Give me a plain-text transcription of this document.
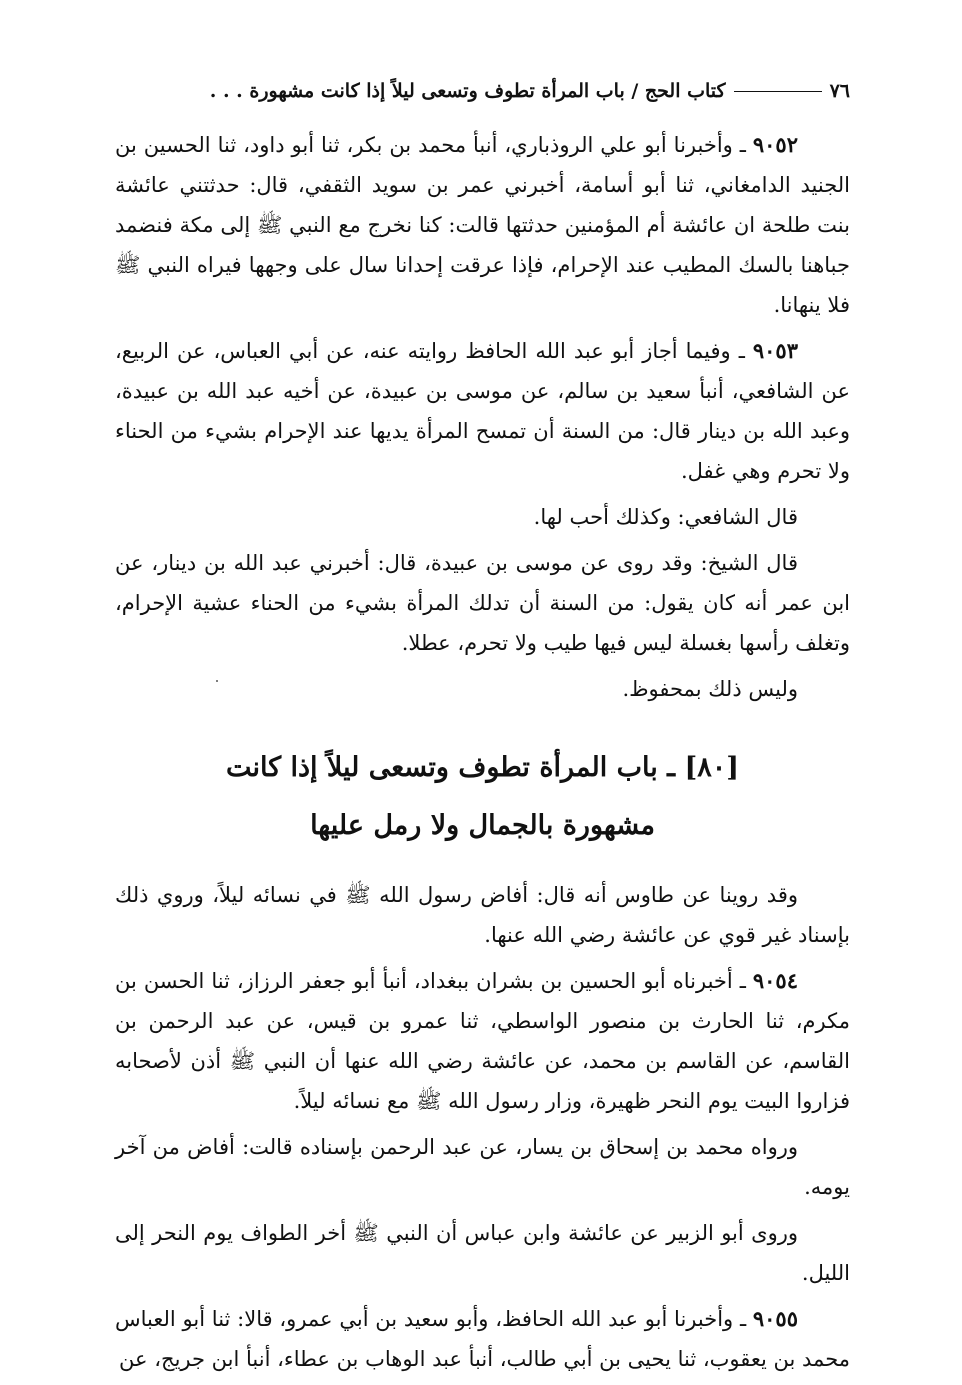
٧٦
كتاب الحج / باب المرأة تطوف وتسعى ليلاً إذا كانت مشهورة . . .

٩٠٥٢ ـ وأخبرنا أبو علي الروذباري، أنبأ محمد بن بكر، ثنا أبو داود، ثنا الحسين بن الجنيد الدامغاني، ثنا أبو أسامة، أخبرني عمر بن سويد الثقفي، قال: حدثتني عائشة بنت طلحة ان عائشة أم المؤمنين حدثتها قالت: كنا نخرج مع النبي ﷺ إلى مكة فنضمد جباهنا بالسك المطيب عند الإحرام، فإذا عرقت إحدانا سال على وجهها فيراه النبي ﷺ فلا ينهانا.

٩٠٥٣ ـ وفيما أجاز أبو عبد الله الحافظ روايته عنه، عن أبي العباس، عن الربيع، عن الشافعي، أنبأ سعيد بن سالم، عن موسى بن عبيدة، عن أخيه عبد الله بن عبيدة، وعبد الله بن دينار قال: من السنة أن تمسح المرأة يديها عند الإحرام بشيء من الحناء ولا تحرم وهي غفل.

قال الشافعي: وكذلك أحب لها.

قال الشيخ: وقد روى عن موسى بن عبيدة، قال: أخبرني عبد الله بن دينار، عن ابن عمر أنه كان يقول: من السنة أن تدلك المرأة بشيء من الحناء عشية الإحرام، وتغلف رأسها بغسلة ليس فيها طيب ولا تحرم، عطلا.

وليس ذلك بمحفوظ.

[٨٠] ـ باب المرأة تطوف وتسعى ليلاً إذا كانت
مشهورة بالجمال ولا رمل عليها

وقد روينا عن طاوس أنه قال: أفاض رسول الله ﷺ في نسائه ليلاً، وروي ذلك بإسناد غير قوي عن عائشة رضي الله عنها.

٩٠٥٤ ـ أخبرناه أبو الحسين بن بشران ببغداد، أنبأ أبو جعفر الرزاز، ثنا الحسن بن مكرم، ثنا الحارث بن منصور الواسطي، ثنا عمرو بن قيس، عن عبد الرحمن بن القاسم، عن القاسم بن محمد، عن عائشة رضي الله عنها أن النبي ﷺ أذن لأصحابه فزاروا البيت يوم النحر ظهيرة، وزار رسول الله ﷺ مع نسائه ليلاً.

ورواه محمد بن إسحاق بن يسار، عن عبد الرحمن بإسناده قالت: أفاض من آخر يومه.

وروى أبو الزبير عن عائشة وابن عباس أن النبي ﷺ أخر الطواف يوم النحر إلى الليل.

٩٠٥٥ ـ وأخبرنا أبو عبد الله الحافظ، وأبو سعيد بن أبي عمرو، قالا: ثنا أبو العباس محمد بن يعقوب، ثنا يحيى بن أبي طالب، أنبأ عبد الوهاب بن عطاء، أنبأ ابن جريج، عن
